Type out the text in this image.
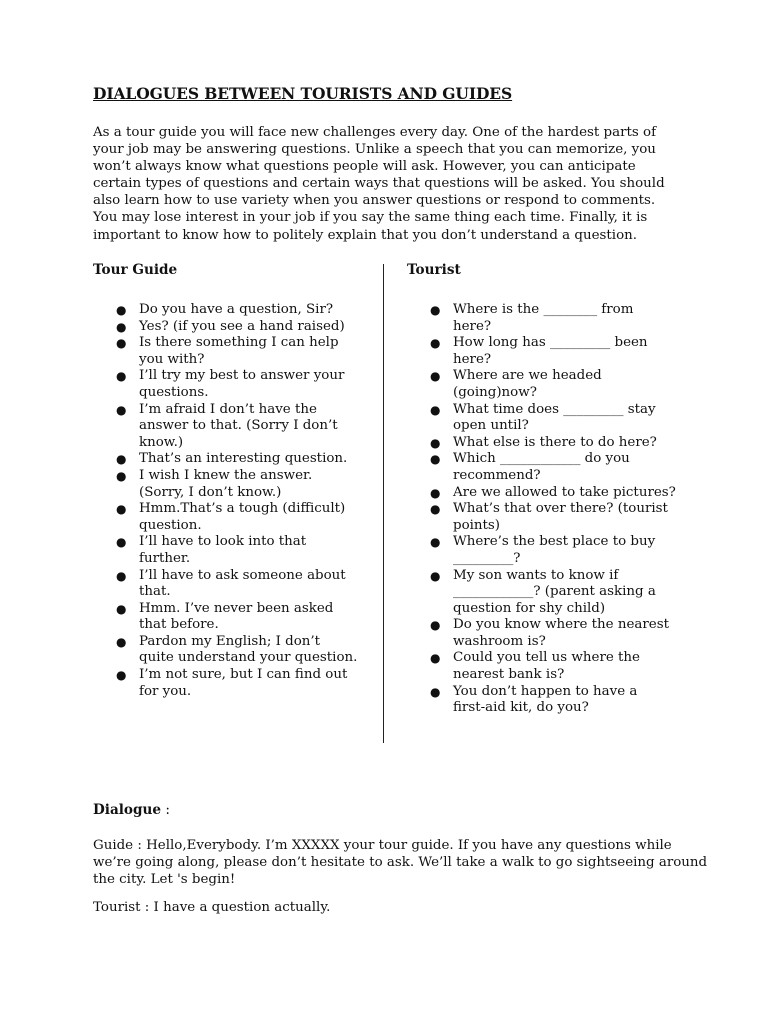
DIALOGUES BETWEEN TOURISTS AND GUIDES
As a tour guide you will face new challenges every day. One of the hardest parts of
your job may be answering questions. Unlike a speech that you can memorize, you
won’t always know what questions people will ask. However, you can anticipate
certain types of questions and certain ways that questions will be asked. You should
also learn how to use variety when you answer questions or respond to comments.
You may lose interest in your job if you say the same thing each time. Finally, it is
important to know how to politely explain that you don’t understand a question.
Tour Guide	Tourist
● Do you have a question, Sir?
● Yes? (if you see a hand raised)
● Is there something I can help
you with?
● I’ll try my best to answer your
questions.
● I’m afraid I don’t have the
answer to that. (Sorry I don’t
know.)
● That’s an interesting question.
● I wish I knew the answer.
(Sorry, I don’t know.)
● Hmm.That’s a tough (difficult)
question.
● I’ll have to look into that
further.
● I’ll have to ask someone about
that.
● Hmm. I’ve never been asked
that before.
● Pardon my English; I don’t
quite understand your question.
● I’m not sure, but I can find out
for you.
● Where is the ________ from
here?
● How long has _________ been
here?
● Where are we headed
(going)now?
● What time does _________ stay
open until?
● What else is there to do here?
● Which ____________ do you
recommend?
● Are we allowed to take pictures?
● What’s that over there? (tourist
points)
● Where’s the best place to buy
_________?
● My son wants to know if
____________? (parent asking a
question for shy child)
● Do you know where the nearest
washroom is?
● Could you tell us where the
nearest bank is?
● You don’t happen to have a
first-aid kit, do you?
Dialogue :
Guide : Hello,Everybody. I’m XXXXX your tour guide. If you have any questions while
we’re going along, please don’t hesitate to ask. We’ll take a walk to go sightseeing around
the city. Let 's begin!
Tourist : I have a question actually.
